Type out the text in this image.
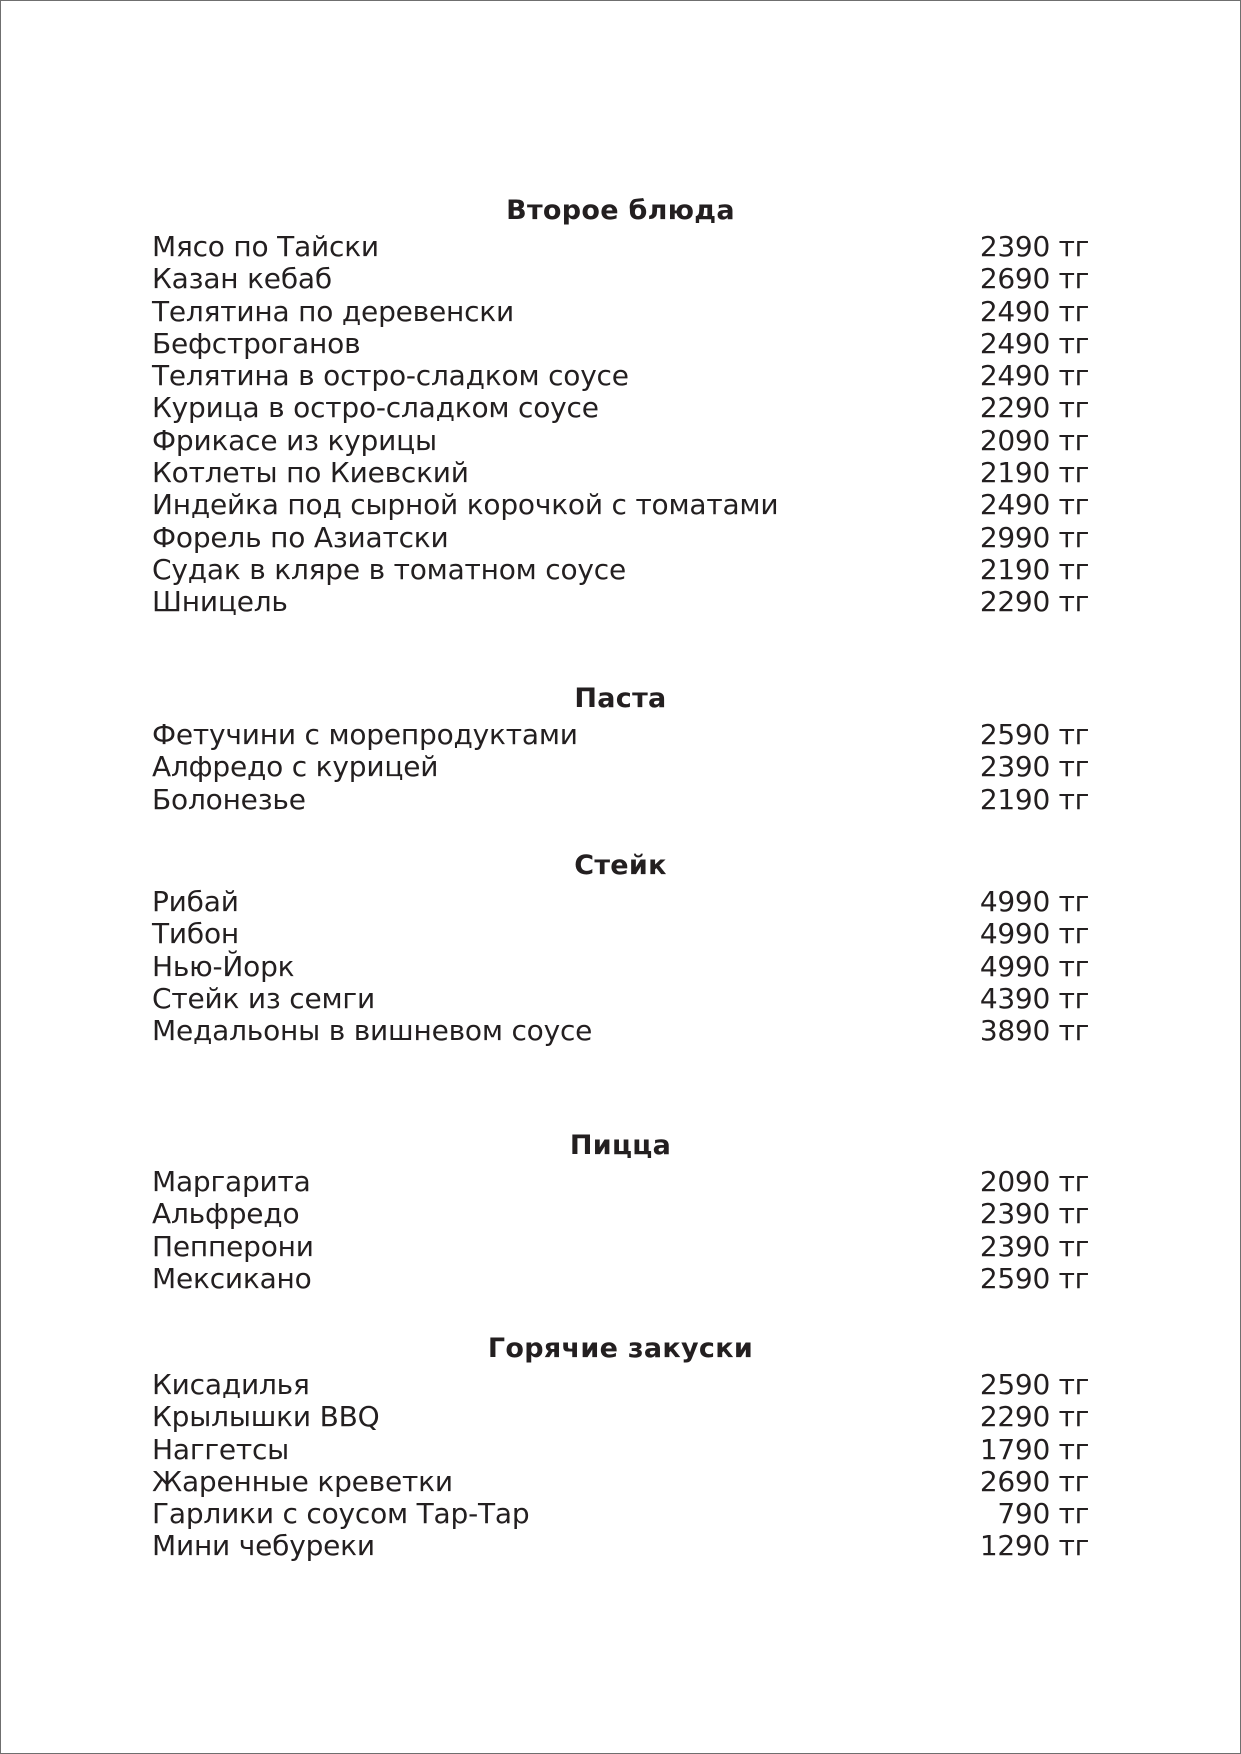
Второе блюда
Мясо по Тайски	2390 тг
Казан кебаб	2690 тг
Телятина по деревенски	2490 тг
Бефстроганов	2490 тг
Телятина в остро-сладком соусе	2490 тг
Курица в остро-сладком соусе	2290 тг
Фрикасе из курицы	2090 тг
Котлеты по Киевский	2190 тг
Индейка под сырной корочкой с томатами	2490 тг
Форель по Азиатски	2990 тг
Судак в кляре в томатном соусе	2190 тг
Шницель	2290 тг
Паста
Фетучини с морепродуктами	2590 тг
Алфредо с курицей	2390 тг
Болонезье	2190 тг
Стейк
Рибай	4990 тг
Тибон	4990 тг
Нью-Йорк	4990 тг
Стейк из семги	4390 тг
Медальоны в вишневом соусе	3890 тг
Пицца
Маргарита	2090 тг
Альфредо	2390 тг
Пепперони	2390 тг
Мексикано	2590 тг
Горячие закуски
Кисадилья	2590 тг
Крылышки BBQ	2290 тг
Наггетсы	1790 тг
Жаренные креветки	2690 тг
Гарлики с соусом Тар-Тар	790 тг
Мини чебуреки	1290 тг
